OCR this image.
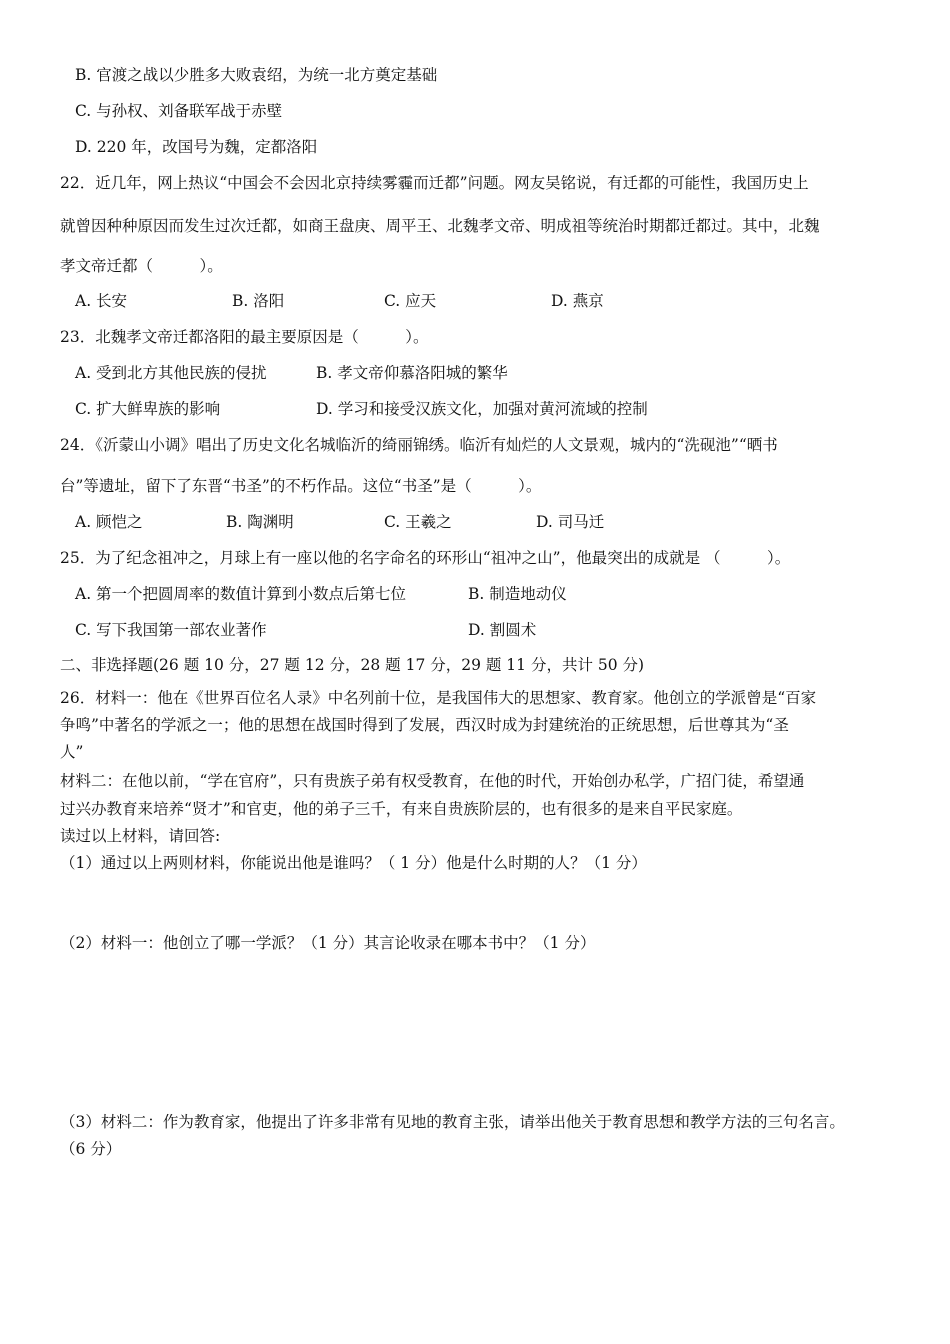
B. 官渡之战以少胜多大败袁绍，为统一北方奠定基础
C. 与孙权、刘备联军战于赤壁
D. 220 年，改国号为魏，定都洛阳
22．近几年，网上热议“中国会不会因北京持续雾霾而迁都”问题。网友吴铭说，有迁都的可能性，我国历史上
就曾因种种原因而发生过次迁都，如商王盘庚、周平王、北魏孝文帝、明成祖等统治时期都迁都过。其中，北魏
孝文帝迁都（　　　）。
A. 长安	B. 洛阳	C. 应天	D. 燕京
23．北魏孝文帝迁都洛阳的最主要原因是（　　　）。
A. 受到北方其他民族的侵扰	B. 孝文帝仰慕洛阳城的繁华
C. 扩大鲜卑族的影响	D. 学习和接受汉族文化，加强对黄河流域的控制
24．《沂蒙山小调》唱出了历史文化名城临沂的绮丽锦绣。临沂有灿烂的人文景观，城内的“洗砚池”“晒书
台”等遗址，留下了东晋“书圣”的不朽作品。这位“书圣”是（　　　）。
A. 顾恺之	B. 陶渊明	C. 王羲之	D. 司马迁
25．为了纪念祖冲之，月球上有一座以他的名字命名的环形山“祖冲之山”，他最突出的成就是 （　　　）。
A. 第一个把圆周率的数值计算到小数点后第七位	B. 制造地动仪
C. 写下我国第一部农业著作	D. 割圆术
二、非选择题(26 题 10 分，27 题 12 分，28 题 17 分，29 题 11 分，共计 50 分)
26．材料一：他在《世界百位名人录》中名列前十位，是我国伟大的思想家、教育家。他创立的学派曾是“百家
争鸣”中著名的学派之一；他的思想在战国时得到了发展，西汉时成为封建统治的正统思想，后世尊其为“圣
人”
材料二：在他以前，“学在官府”，只有贵族子弟有权受教育，在他的时代，开始创办私学，广招门徒，希望通
过兴办教育来培养“贤才”和官吏，他的弟子三千，有来自贵族阶层的，也有很多的是来自平民家庭。
读过以上材料，请回答:
（1）通过以上两则材料，你能说出他是谁吗？（ 1 分）他是什么时期的人？（1 分）
（2）材料一：他创立了哪一学派？（1 分）其言论收录在哪本书中？（1 分）
（3）材料二：作为教育家，他提出了许多非常有见地的教育主张，请举出他关于教育思想和教学方法的三句名言。
（6 分）
